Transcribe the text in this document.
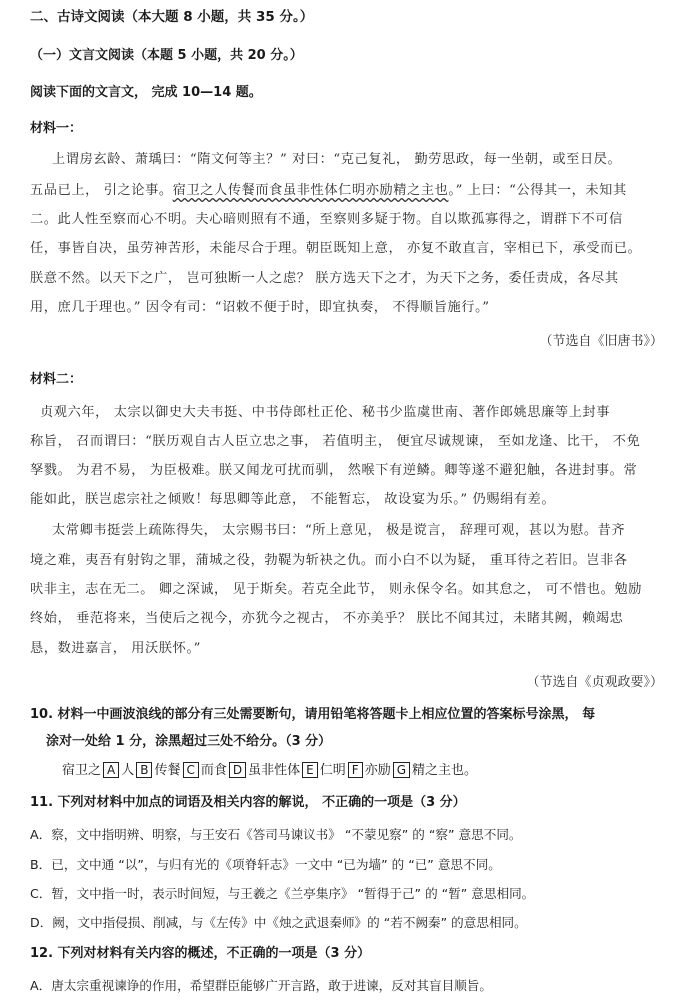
二、古诗文阅读（本大题 8 小题，共 35 分。）
（一）文言文阅读（本题 5 小题，共 20 分。）
阅读下面的文言文， 完成 10—14 题。
材料一：
上谓房玄龄、萧瑀曰：“隋文何等主？” 对曰：“克己复礼， 勤劳思政，每一坐朝，或至日昃。
五品已上， 引之论事。宿卫之人传餐而食虽非性体仁明亦励精之主也。” 上曰：“公得其一，未知其
二。此人性至察而心不明。夫心暗则照有不通，至察则多疑于物。自以欺孤寡得之，谓群下不可信
任，事皆自决，虽劳神苦形，未能尽合于理。朝臣既知上意， 亦复不敢直言，宰相已下，承受而已。
朕意不然。以天下之广， 岂可独断一人之虑？ 朕方选天下之才，为天下之务，委任责成，各尽其
用，庶几于理也。” 因令有司：“诏敕不便于时，即宜执奏， 不得顺旨施行。”
（节选自《旧唐书》）
材料二：
贞观六年， 太宗以御史大夫韦挺、中书侍郎杜正伦、秘书少监虞世南、著作郎姚思廉等上封事
称旨， 召而谓曰：“朕历观自古人臣立忠之事， 若值明主， 便宜尽诚规谏， 至如龙逢、比干， 不免
孥戮。 为君不易， 为臣极难。朕又闻龙可扰而驯， 然喉下有逆鳞。卿等遂不避犯触，各进封事。常
能如此，朕岂虑宗社之倾败！每思卿等此意， 不能暂忘， 故设宴为乐。” 仍赐绢有差。
太常卿韦挺尝上疏陈得失， 太宗赐书曰：“所上意见， 极是谠言， 辞理可观，甚以为慰。昔齐
境之难，夷吾有射钩之罪，蒲城之役，勃鞮为斩袂之仇。而小白不以为疑， 重耳待之若旧。岂非各
吠非主，志在无二。 卿之深诚， 见于斯矣。若克全此节， 则永保令名。如其怠之， 可不惜也。勉励
终始， 垂范将来，当使后之视今，亦犹今之视古， 不亦美乎？ 朕比不闻其过，未睹其阙，赖竭忠
恳，数进嘉言， 用沃朕怀。”
（节选自《贞观政要》）
10. 材料一中画波浪线的部分有三处需要断句，请用铅笔将答题卡上相应位置的答案标号涂黑， 每
涂对一处给 1 分，涂黑超过三处不给分。（3 分）
宿卫之 A 人 B 传餐 C 而食 D 虽非性体 E 仁明 F 亦励 G 精之主也。
11. 下列对材料中加点的词语及相关内容的解说， 不正确的一项是（3 分）
A．察，文中指明辨、明察，与王安石《答司马谏议书》 “不蒙见察” 的 “察” 意思不同。
B．已，文中通 “以”，与归有光的《项脊轩志》一文中 “已为墙” 的 “已” 意思不同。
C．暂，文中指一时，表示时间短，与王羲之《兰亭集序》 “暂得于己” 的 “暂” 意思相同。
D．阙，文中指侵损、削减，与《左传》中《烛之武退秦师》的 “若不阙秦” 的意思相同。
12. 下列对材料有关内容的概述，不正确的一项是（3 分）
A．唐太宗重视谏诤的作用，希望群臣能够广开言路，敢于进谏，反对其盲目顺旨。
